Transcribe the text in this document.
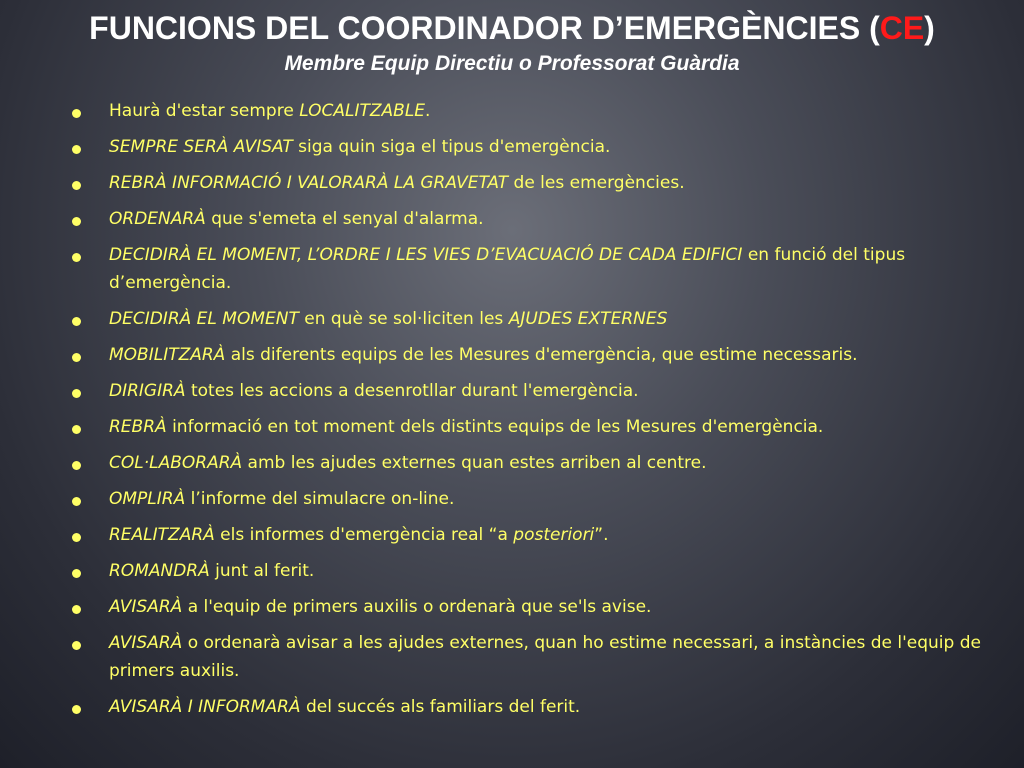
FUNCIONS DEL COORDINADOR D’EMERGÈNCIES (CE)
Membre Equip Directiu o Professorat Guàrdia
Haurà d'estar sempre LOCALITZABLE.
SEMPRE SERÀ AVISAT siga quin siga el tipus d'emergència.
REBRÀ INFORMACIÓ I VALORARÀ LA GRAVETAT de les emergències.
ORDENARÀ que s'emeta el senyal d'alarma.
DECIDIRÀ EL MOMENT, L’ORDRE I LES VIES D’EVACUACIÓ DE CADA EDIFICI en funció del tipus d’emergència.
DECIDIRÀ EL MOMENT en què se sol·liciten les AJUDES EXTERNES
MOBILITZARÀ als diferents equips de les Mesures d'emergència, que estime necessaris.
DIRIGIRÀ totes les accions a desenrotllar durant l'emergència.
REBRÀ informació en tot moment dels distints equips de les Mesures d'emergència.
COL·LABORARÀ amb les ajudes externes quan estes arriben al centre.
OMPLIRÀ l’informe del simulacre on-line.
REALITZARÀ els informes d'emergència real “a posteriori”.
ROMANDRÀ junt al ferit.
AVISARÀ a l'equip de primers auxilis o ordenarà que se'ls avise.
AVISARÀ o ordenarà avisar a les ajudes externes, quan ho estime necessari, a instàncies de l'equip de primers auxilis.
AVISARÀ I INFORMARÀ del succés als familiars del ferit.
